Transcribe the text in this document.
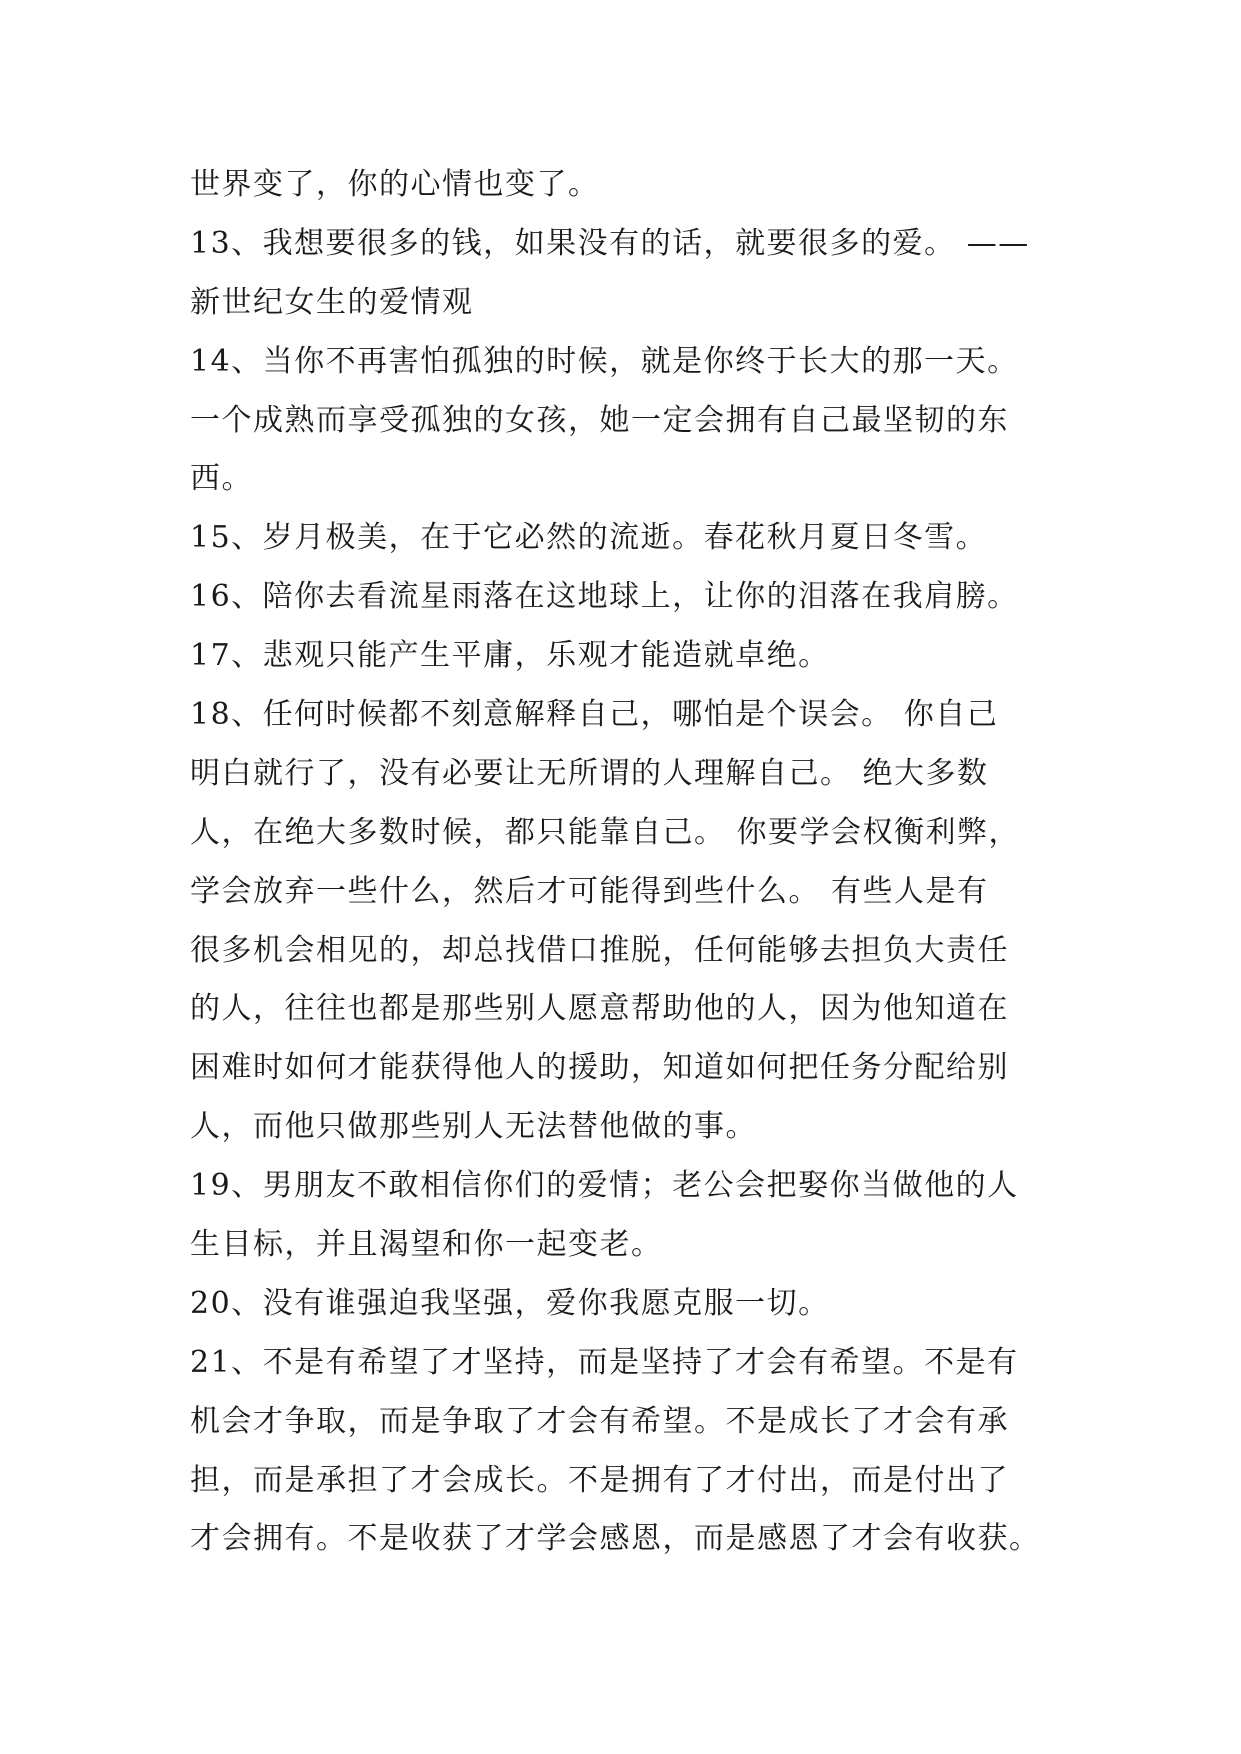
世界变了，你的心情也变了。
13、我想要很多的钱，如果没有的话，就要很多的爱。 ——
新世纪女生的爱情观
14、当你不再害怕孤独的时候，就是你终于长大的那一天。
一个成熟而享受孤独的女孩，她一定会拥有自己最坚韧的东
西。
15、岁月极美，在于它必然的流逝。春花秋月夏日冬雪。
16、陪你去看流星雨落在这地球上，让你的泪落在我肩膀。
17、悲观只能产生平庸，乐观才能造就卓绝。
18、任何时候都不刻意解释自己，哪怕是个误会。 你自己
明白就行了，没有必要让无所谓的人理解自己。 绝大多数
人，在绝大多数时候，都只能靠自己。 你要学会权衡利弊，
学会放弃一些什么，然后才可能得到些什么。 有些人是有
很多机会相见的，却总找借口推脱，任何能够去担负大责任
的人，往往也都是那些别人愿意帮助他的人，因为他知道在
困难时如何才能获得他人的援助，知道如何把任务分配给别
人，而他只做那些别人无法替他做的事。
19、男朋友不敢相信你们的爱情；老公会把娶你当做他的人
生目标，并且渴望和你一起变老。
20、没有谁强迫我坚强，爱你我愿克服一切。
21、不是有希望了才坚持，而是坚持了才会有希望。不是有
机会才争取，而是争取了才会有希望。不是成长了才会有承
担，而是承担了才会成长。不是拥有了才付出，而是付出了
才会拥有。不是收获了才学会感恩，而是感恩了才会有收获。
